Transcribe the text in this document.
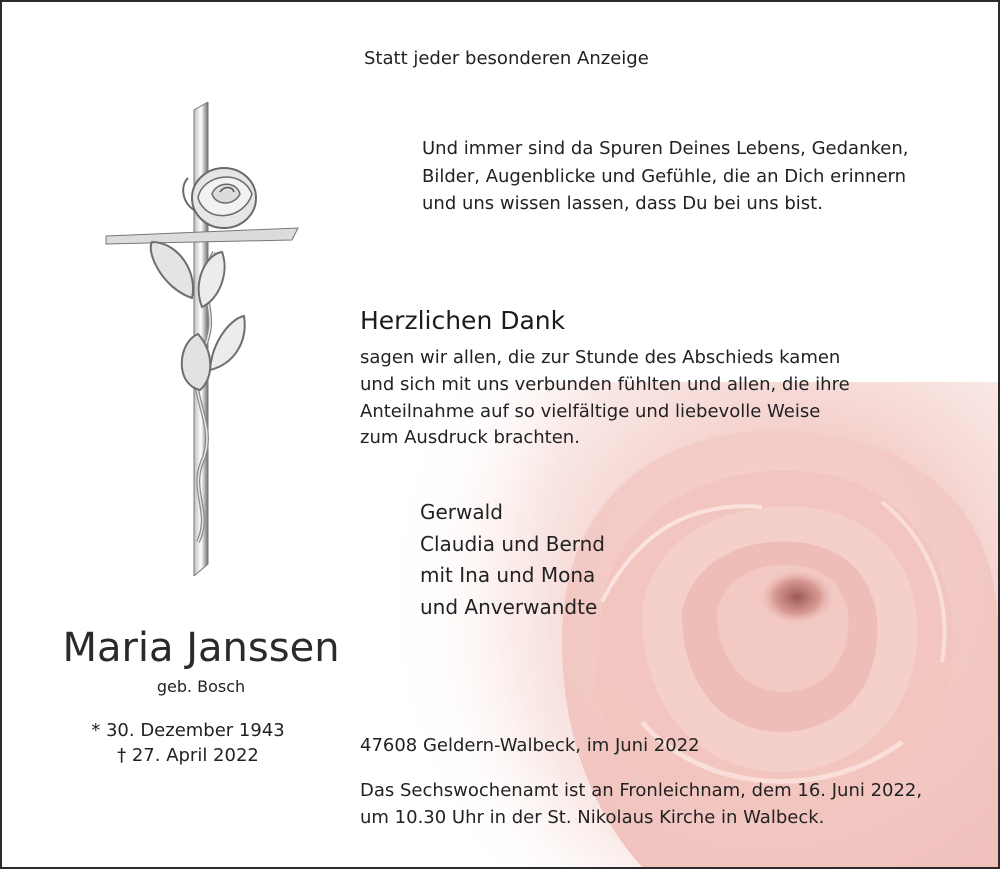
Statt jeder besonderen Anzeige
Und immer sind da Spuren Deines Lebens, Gedanken,
Bilder, Augenblicke und Gefühle, die an Dich erinnern
und uns wissen lassen, dass Du bei uns bist.
Herzlichen Dank
sagen wir allen, die zur Stunde des Abschieds kamen
und sich mit uns verbunden fühlten und allen, die ihre
Anteilnahme auf so vielfältige und liebevolle Weise
zum Ausdruck brachten.
Gerwald
Claudia und Bernd
mit Ina und Mona
und Anverwandte
Maria Janssen
geb. Bosch
* 30. Dezember 1943
† 27. April 2022	47608 Geldern-Walbeck, im Juni 2022
Das Sechswochenamt ist an Fronleichnam, dem 16. Juni 2022,
um 10.30 Uhr in der St. Nikolaus Kirche in Walbeck.
